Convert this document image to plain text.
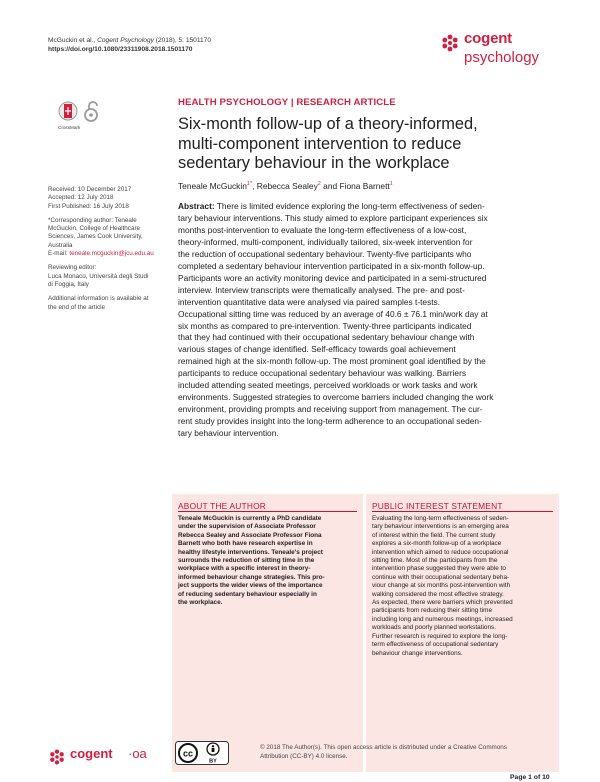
McGuckin et al., Cogent Psychology (2018), 5: 1501170
https://doi.org/10.1080/23311908.2018.1501170
cogent
psychology
CrossMark
HEALTH PSYCHOLOGY | RESEARCH ARTICLE
Six-month follow-up of a theory-informed,
multi-component intervention to reduce
sedentary behaviour in the workplace
Teneale McGuckin$^{1*}$, Rebecca Sealey$^2$ and Fiona Barnett$^1$
Received: 10 December 2017
Accepted: 12 July 2018
First Published: 16 July 2018
*Corresponding author: Teneale
McGuckin, College of Healthcare
Sciences, James Cook University,
Australia
E-mail: teneale.mcguckin@jcu.edu.au
Reviewing editor:
Luca Monaco, Università degli Studi
di Foggia, Italy
Additional information is available at
the end of the article
Abstract: There is limited evidence exploring the long-term effectiveness of seden-
tary behaviour interventions. This study aimed to explore participant experiences six
months post-intervention to evaluate the long-term effectiveness of a low-cost,
theory-informed, multi-component, individually tailored, six-week intervention for
the reduction of occupational sedentary behaviour. Twenty-five participants who
completed a sedentary behaviour intervention participated in a six-month follow-up.
Participants wore an activity monitoring device and participated in a semi-structured
interview. Interview transcripts were thematically analysed. The pre- and post-
intervention quantitative data were analysed via paired samples t-tests.
Occupational sitting time was reduced by an average of 40.6 ± 76.1 min/work day at
six months as compared to pre-intervention. Twenty-three participants indicated
that they had continued with their occupational sedentary behaviour change with
various stages of change identified. Self-efficacy towards goal achievement
remained high at the six-month follow-up. The most prominent goal identified by the
participants to reduce occupational sedentary behaviour was walking. Barriers
included attending seated meetings, perceived workloads or work tasks and work
environments. Suggested strategies to overcome barriers included changing the work
environment, providing prompts and receiving support from management. The cur-
rent study provides insight into the long-term adherence to an occupational seden-
tary behaviour intervention.
ABOUT THE AUTHOR
Teneale McGuckin is currently a PhD candidate
under the supervision of Associate Professor
Rebecca Sealey and Associate Professor Fiona
Barnett who both have research expertise in
healthy lifestyle interventions. Teneale's project
surrounds the reduction of sitting time in the
workplace with a specific interest in theory-
informed behaviour change strategies. This pro-
ject supports the wider views of the importance
of reducing sedentary behaviour especially in
the workplace.
PUBLIC INTEREST STATEMENT
Evaluating the long-term effectiveness of seden-
tary behaviour interventions is an emerging area
of interest within the field. The current study
explores a six-month follow-up of a workplace
intervention which aimed to reduce occupational
sitting time. Most of the participants from the
intervention phase suggested they were able to
continue with their occupational sedentary beha-
viour change at six months post-intervention with
walking considered the most effective strategy.
As expected, there were barriers which prevented
participants from reducing their sitting time
including long and numerous meetings, increased
workloads and poorly planned workstations.
Further research is required to explore the long-
term effectiveness of occupational sedentary
behaviour change interventions.
cogent ·oa	cc
BY
© 2018 The Author(s). This open access article is distributed under a Creative Commons
Attribution (CC-BY) 4.0 license.
Page 1 of 10
